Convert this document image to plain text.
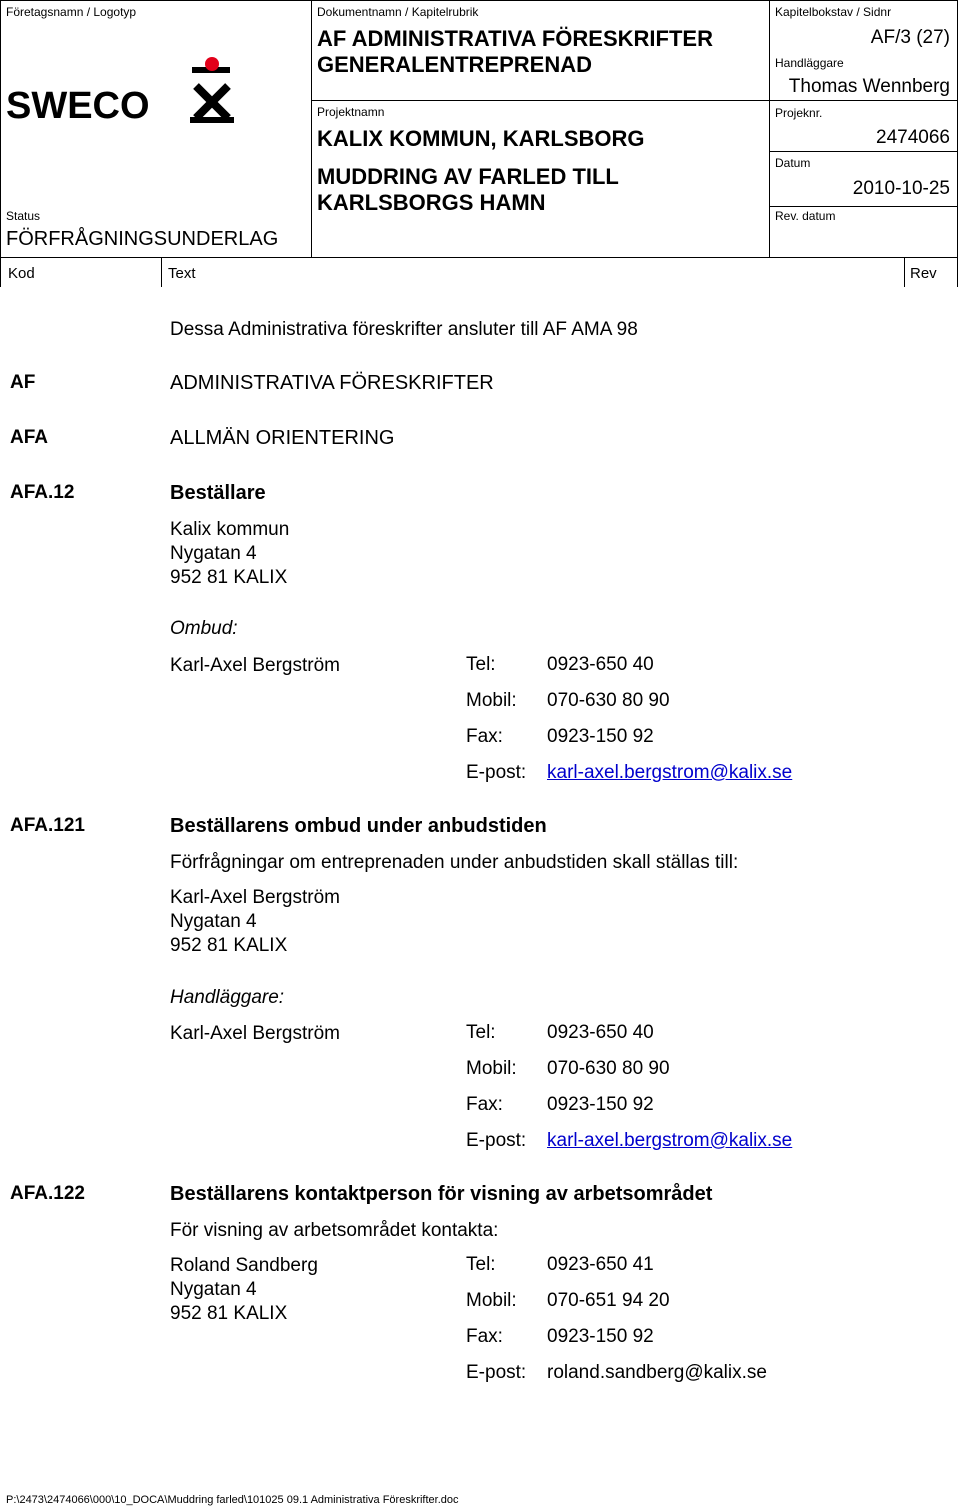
Företagsnamn / Logotyp
SWECO
Status
FÖRFRÅGNINGSUNDERLAG
Dokumentnamn / Kapitelrubrik
AF ADMINISTRATIVA FÖRESKRIFTER
GENERALENTREPRENAD
Projektnamn
KALIX KOMMUN, KARLSBORG
MUDDRING AV FARLED TILL
KARLSBORGS HAMN
Kapitelbokstav / Sidnr
AF/3 (27)
Handläggare
Thomas Wennberg
Projeknr.
2474066
Datum
2010-10-25
Rev. datum
Kod	Text	Rev
Dessa Administrativa föreskrifter ansluter till AF AMA 98
AF	ADMINISTRATIVA FÖRESKRIFTER
AFA	ALLMÄN ORIENTERING
AFA.12	Beställare
Kalix kommun
Nygatan 4
952 81 KALIX
Ombud:
Karl-Axel Bergström	Tel:	0923-650 40
Mobil: 070-630 80 90
Fax: 0923-150 92
E-post: karl-axel.bergstrom@kalix.se
AFA.121	Beställarens ombud under anbudstiden
Förfrågningar om entreprenaden under anbudstiden skall ställas till:
Karl-Axel Bergström
Nygatan 4
952 81 KALIX
Handläggare:
Karl-Axel Bergström	Tel:	0923-650 40
Mobil: 070-630 80 90
Fax: 0923-150 92
E-post: karl-axel.bergstrom@kalix.se
AFA.122	Beställarens kontaktperson för visning av arbetsområdet
För visning av arbetsområdet kontakta:
Roland Sandberg
Nygatan 4
952 81 KALIX
Tel:	0923-650 41
Mobil: 070-651 94 20
Fax: 0923-150 92
E-post: roland.sandberg@kalix.se
P:\2473\2474066\000\10_DOCA\Muddring farled\101025 09.1 Administrativa Föreskrifter.doc
